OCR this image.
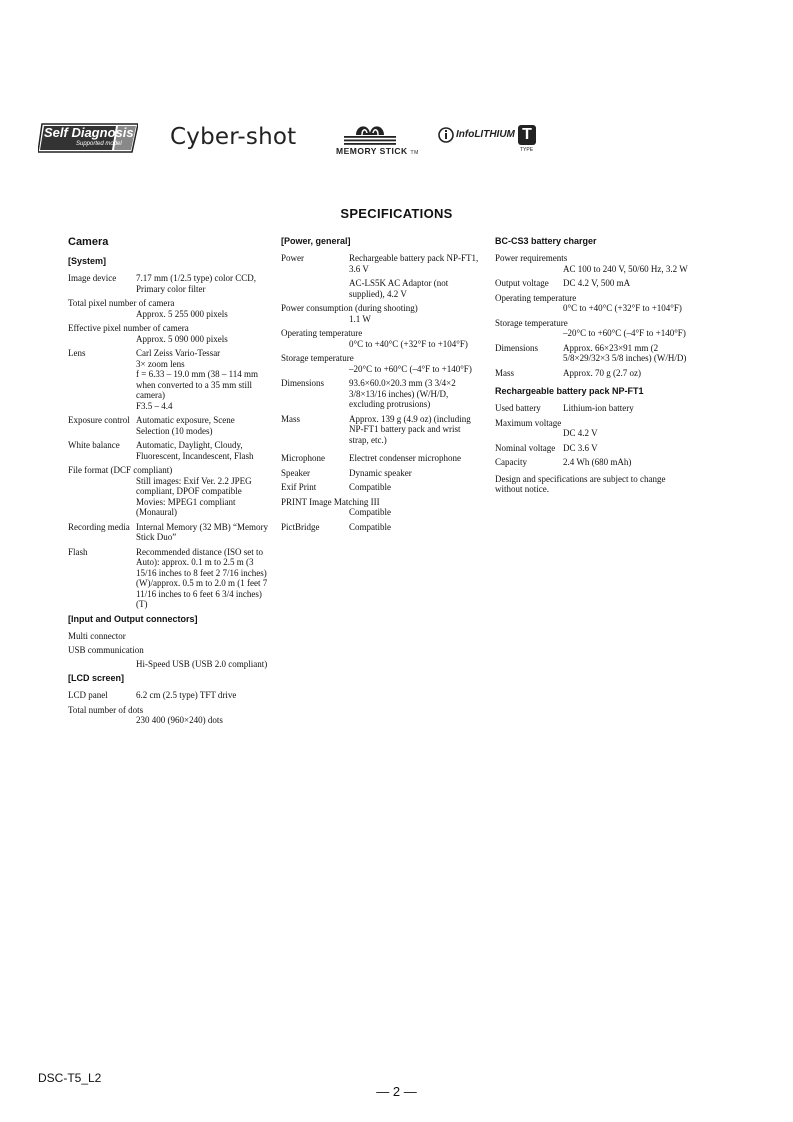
Self Diagnosis
Supported model Cyber-shot
MEMORY STICK TM
InfoLITHIUM T
TYPE
SPECIFICATIONS
Camera
[System]
Image device	7.17 mm (1/2.5 type) color CCD, Primary color filter
Total pixel number of camera
Approx. 5 255 000 pixels
Effective pixel number of camera
Approx. 5 090 000 pixels
Lens	Carl Zeiss Vario-Tessar
3× zoom lens
f = 6.33 – 19.0 mm (38 – 114 mm when converted to a 35 mm still camera)
F3.5 – 4.4
Exposure control Automatic exposure, Scene Selection (10 modes)
White balance	Automatic, Daylight, Cloudy, Fluorescent, Incandescent, Flash
File format (DCF compliant)
Still images: Exif Ver. 2.2 JPEG compliant, DPOF compatible
Movies: MPEG1 compliant (Monaural)
Recording media Internal Memory (32 MB) “Memory Stick Duo”
Flash	Recommended distance (ISO set to Auto): approx. 0.1 m to 2.5 m (3 15/16 inches to 8 feet 2 7/16 inches) (W)/approx. 0.5 m to 2.0 m (1 feet 7 11/16 inches to 6 feet 6 3/4 inches) (T)
[Input and Output connectors]
Multi connector
USB communication
Hi-Speed USB (USB 2.0 compliant)
[LCD screen]
LCD panel	6.2 cm (2.5 type) TFT drive
Total number of dots
230 400 (960×240) dots
[Power, general]
Power	Rechargeable battery pack NP-FT1, 3.6 V
AC-LS5K AC Adaptor (not supplied), 4.2 V
Power consumption (during shooting)
1.1 W
Operating temperature
0°C to +40°C (+32°F to +104°F)
Storage temperature
–20°C to +60°C (–4°F to +140°F)
Dimensions	93.6×60.0×20.3 mm (3 3/4×2 3/8×13/16 inches) (W/H/D, excluding protrusions)
Mass	Approx. 139 g (4.9 oz) (including NP-FT1 battery pack and wrist strap, etc.)
Microphone	Electret condenser microphone
Speaker	Dynamic speaker
Exif Print	Compatible
PRINT Image Matching III
Compatible
PictBridge	Compatible
BC-CS3 battery charger
Power requirements
AC 100 to 240 V, 50/60 Hz, 3.2 W
Output voltage	DC 4.2 V, 500 mA
Operating temperature
0°C to +40°C (+32°F to +104°F)
Storage temperature
–20°C to +60°C (–4°F to +140°F)
Dimensions	Approx. 66×23×91 mm (2 5/8×29/32×3 5/8 inches) (W/H/D)
Mass	Approx. 70 g (2.7 oz)
Rechargeable battery pack NP-FT1
Used battery	Lithium-ion battery
Maximum voltage
DC 4.2 V
Nominal voltage DC 3.6 V
Capacity	2.4 Wh (680 mAh)
Design and specifications are subject to change without notice.
DSC-T5_L2
— 2 —
